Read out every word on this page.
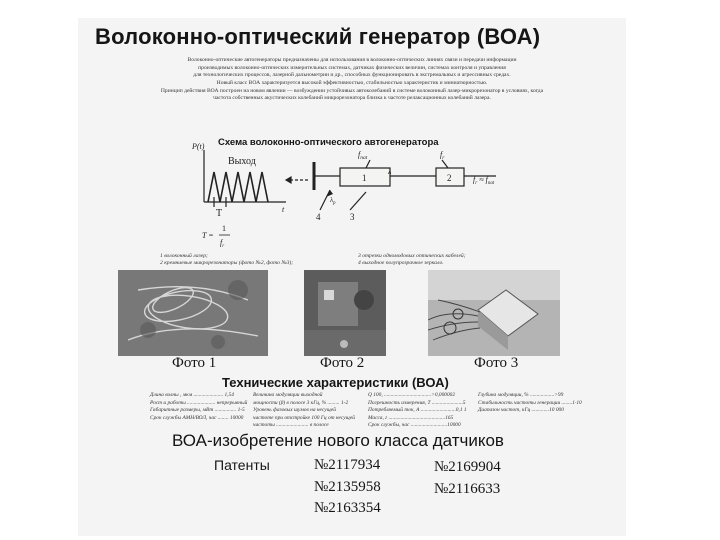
Волоконно-оптический генератор (ВОА)

Волоконно-оптические автогенераторы предназначены для использования в волоконно-оптических линиях связи и передачи информации

производимых волоконно-оптических измерительных системах, датчиках физических величин, системах контроля и управления

для технологических процессов, лазерной дальнометрии и др., способных функционировать в экстремальных и агрессивных средах.

Новый класс ВОА характеризуется высокой эффективностью, стабильностью характеристик и миниатюрностью.

Принцип действия ВОА построен на новом явлении — возбуждении устойчивых автоколебаний в системе волоконный лазер-микрорезонатор в условиях, когда

частота собственных акустических колебаний микрорезонатора близка к частоте релаксационных колебаний лазера.

Схема волоконно-оптического автогенератора
P(t)
Выход
T	t
1	2
3
4
$f_{nat}$	$f_r$
λ
$\lambda_p$
$f_r \approx f_{nat}$
T =
1
$f_r$
1 волоконный лазер;
2 кремниевые микрорезонаторы (фото №2, фото №3);
3 отрезки одномодовых оптических кабелей;
4 выходное полупрозрачное зеркало.
Фото 1	Фото 2	Фото 3
Технические характеристики (ВОА)
Длина волны , мкм ...................... 1,54
Рост и работы ..................... непрерывный
Габаритные размеры, мВт ................ 1-5
Срок службы АМН/ВОЛ, час ........ 10000
Величина модуляции выходной
мощности (β) в полосе 3 кГц, % ......... 1-2
Уровень фазовых шумов на несущей
частоте при отстройке 100 Гц от несущей
частоты ........................ в полосе
Q 100, ...................................>0,000002
Погрешность измерения, Т .......................5
Потребляемый ток, А ..........................0,1 1
Масса, г ..........................................165
Срок службы, час ...........................10000
Глубина модуляции, % ..................>99
Стабильность частоты генерации ........1·10
Диапазон частот, кГц .............10 000
ВОА-изобретение нового класса датчиков
Патенты	№2117934
№2135958
№2163354
№2169904
№2116633
